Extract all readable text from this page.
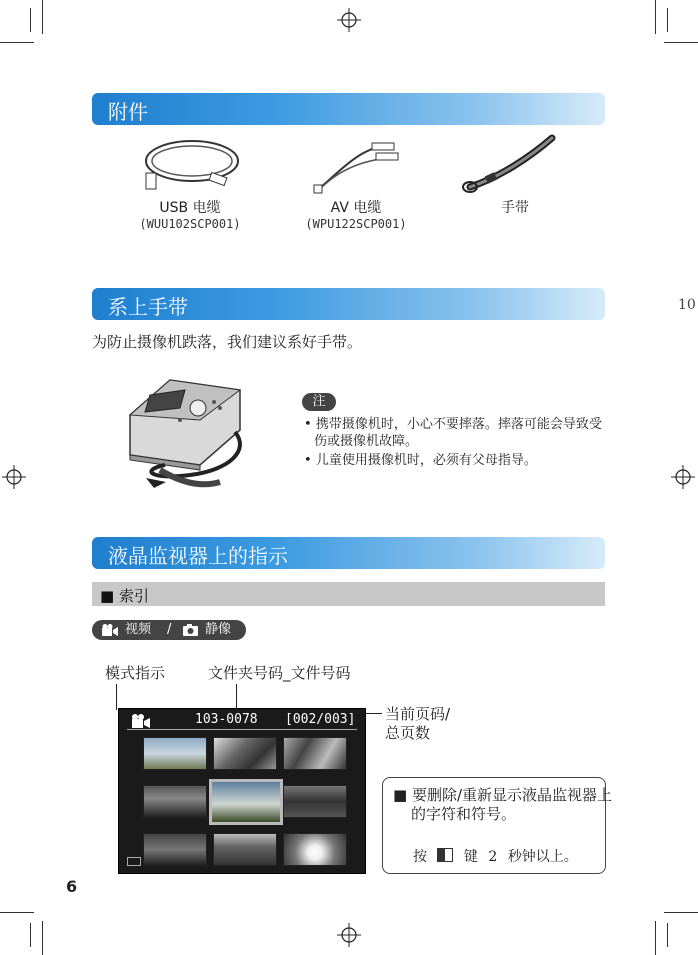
10
附件
USB 电缆
(WUU102SCP001)
AV 电缆
(WPU122SCP001)
手带
系上手带
为防止摄像机跌落，我们建议系好手带。
注
• 携带摄像机时，小心不要摔落。摔落可能会导致受伤或摄像机故障。
• 儿童使用摄像机时，必须有父母指导。
液晶监视器上的指示
■ 索引
视频 /	静像
模式指示	文件夹号码_文件号码
当前页码/
总页数
103-0078 [002/003]
■ 要删除/重新显示液晶监视器上的字符和符号。
按	键 2 秒钟以上。
6
